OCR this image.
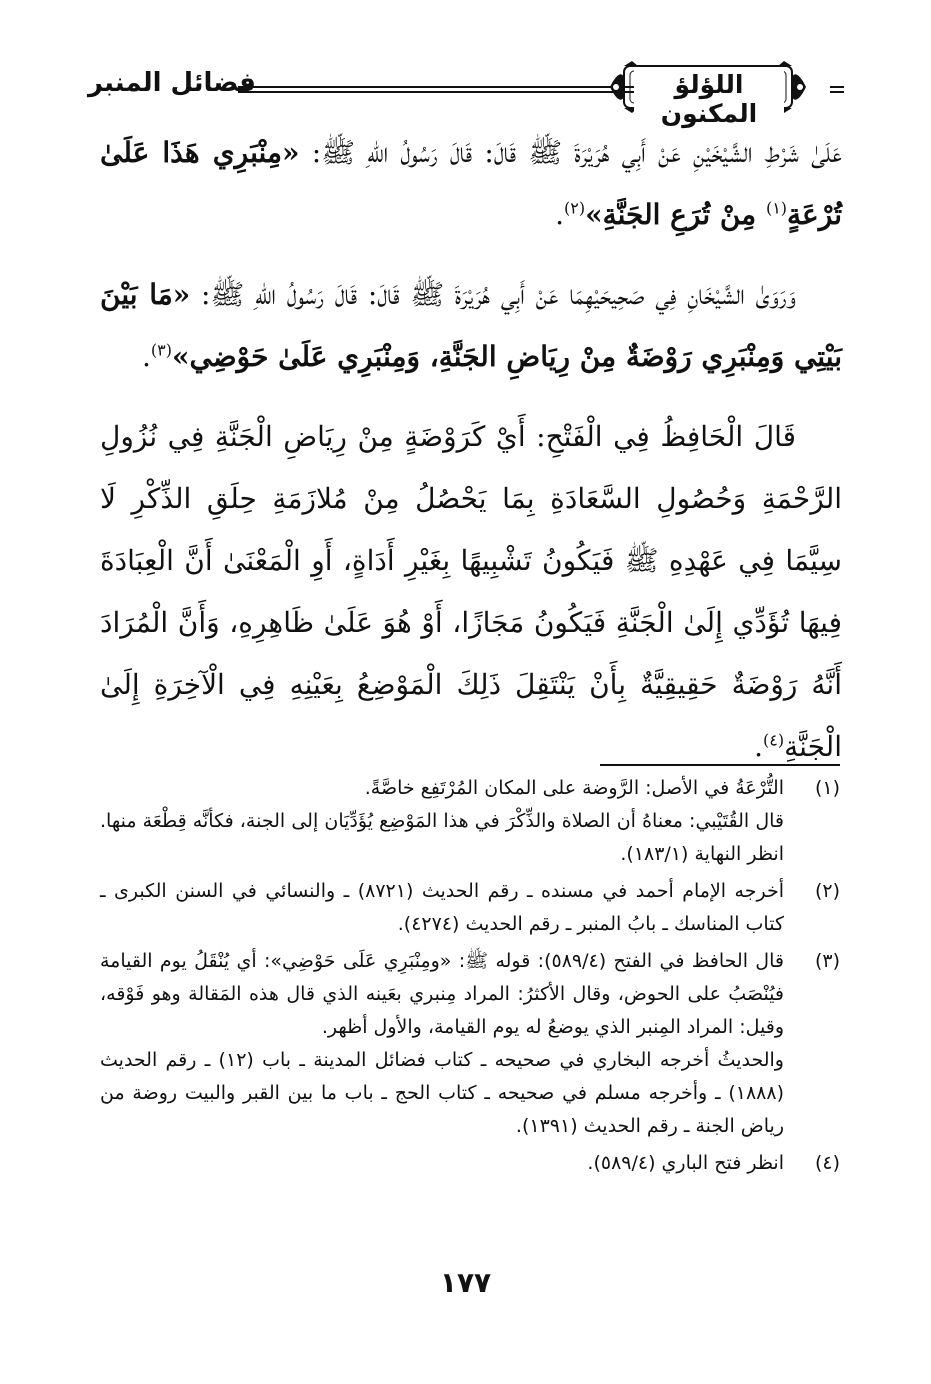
فضائل المنبر	اللؤلؤ المكنون

عَلَىٰ شَرْطِ الشَّيْخَيْنِ عَنْ أَبِي هُرَيْرَةَ ﷺ قَالَ: قَالَ رَسُولُ اللهِ ﷺ: «مِنْبَرِي هَذَا عَلَىٰ تُرْعَةٍ$^{(١)}$ مِنْ تُرَعِ الجَنَّةِ»$^{(٢)}$.

وَرَوَىٰ الشَّيْخَانِ فِي صَحِيحَيْهِمَا عَنْ أَبِي هُرَيْرَةَ ﷺ قَالَ: قَالَ رَسُولُ اللهِ ﷺ: «مَا بَيْنَ بَيْتِي وَمِنْبَرِي رَوْضَةٌ مِنْ رِيَاضِ الجَنَّةِ، وَمِنْبَرِي عَلَىٰ حَوْضِي»$^{(٣)}$.

قَالَ الْحَافِظُ فِي الْفَتْحِ: أَيْ كَرَوْضَةٍ مِنْ رِيَاضِ الْجَنَّةِ فِي نُزُولِ الرَّحْمَةِ وَحُصُولِ السَّعَادَةِ بِمَا يَحْصُلُ مِنْ مُلازَمَةِ حِلَقِ الذِّكْرِ لَا سِيَّمَا فِي عَهْدِهِ ﷺ فَيَكُونُ تَشْبِيهًا بِغَيْرِ أَدَاةٍ، أَوِ الْمَعْنَىٰ أَنَّ الْعِبَادَةَ فِيهَا تُؤَدِّي إِلَىٰ الْجَنَّةِ فَيَكُونُ مَجَازًا، أَوْ هُوَ عَلَىٰ ظَاهِرِهِ، وَأَنَّ الْمُرَادَ أَنَّهُ رَوْضَةٌ حَقِيقِيَّةٌ بِأَنْ يَنْتَقِلَ ذَلِكَ الْمَوْضِعُ بِعَيْنِهِ فِي الْآخِرَةِ إِلَىٰ الْجَنَّةِ$^{(٤)}$.

(١)
التُّرْعَةُ في الأصل: الرَّوضة على المكان المُرْتَفِع خاصَّةً.
قال القُتَيْبي: معناهُ أن الصلاة والذِّكْرَ في هذا المَوْضِع يُؤَدِّيَان إلى الجنة، فكأنَّه قِطْعَة منها. انظر النهاية (١٨٣/١).
(٢)
أخرجه الإمام أحمد في مسنده ـ رقم الحديث (٨٧٢١) ـ والنسائي في السنن الكبرى ـ كتاب المناسك ـ بابُ المنبر ـ رقم الحديث (٤٢٧٤).
(٣)
قال الحافظ في الفتح (٥٨٩/٤): قوله ﷺ: «ومِنْبَرِي عَلَى حَوْضِي»: أي يُنْقَلُ يوم القيامة فيُنْصَبُ على الحوض، وقال الأكثرُ: المراد مِنبري بعَينه الذي قال هذه المَقالة وهو فَوْقه، وقيل: المراد المِنبر الذي يوضعُ له يوم القيامة، والأول أظهر.
والحديثُ أخرجه البخاري في صحيحه ـ كتاب فضائل المدينة ـ باب (١٢) ـ رقم الحديث (١٨٨٨) ـ وأخرجه مسلم في صحيحه ـ كتاب الحج ـ باب ما بين القبر والبيت روضة من رياض الجنة ـ رقم الحديث (١٣٩١).
(٤)
انظر فتح الباري (٥٨٩/٤).
١٧٧
